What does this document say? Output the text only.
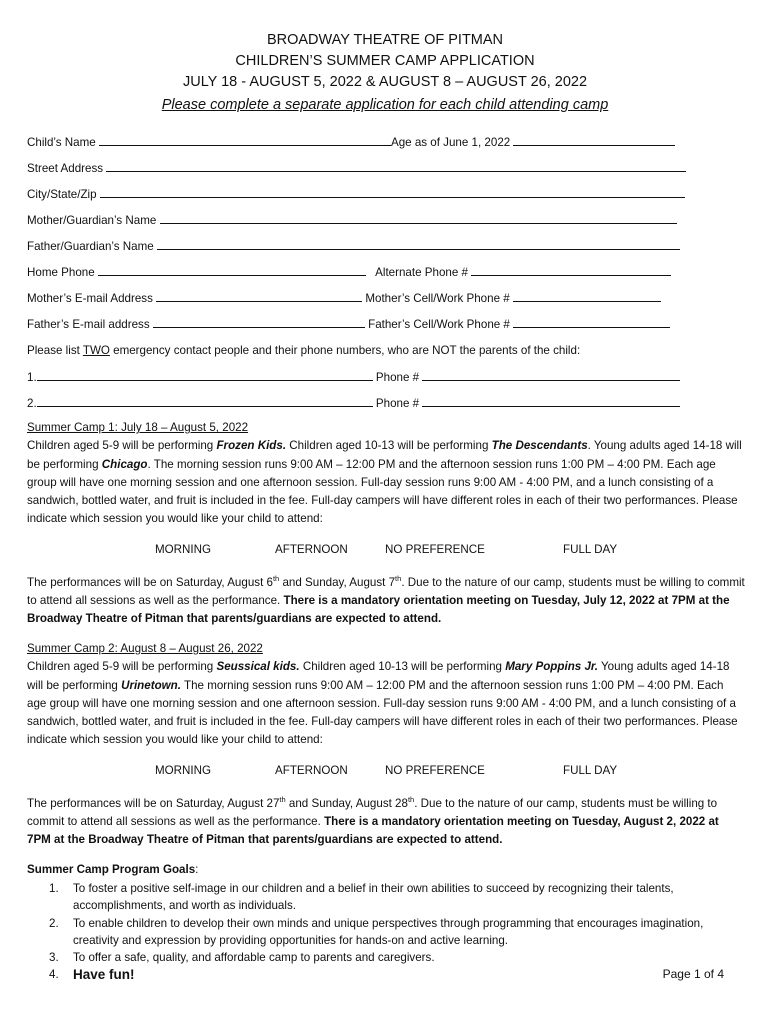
BROADWAY THEATRE OF PITMAN
CHILDREN’S SUMMER CAMP APPLICATION
JULY 18 - AUGUST 5, 2022 & AUGUST 8 – AUGUST 26, 2022
Please complete a separate application for each child attending camp
Child’s Name	Age as of June 1, 2022
Street Address
City/State/Zip
Mother/Guardian’s Name
Father/Guardian’s Name
Home Phone	Alternate Phone #
Mother’s E-mail Address	Mother’s Cell/Work Phone #
Father’s E-mail address	Father’s Cell/Work Phone #
Please list TWO emergency contact people and their phone numbers, who are NOT the parents of the child:
1.	Phone #
2.	Phone #

Summer Camp 1: July 18 – August 5, 2022

Children aged 5-9 will be performing Frozen Kids. Children aged 10-13 will be performing The Descendants. Young adults aged 14-18 will be performing Chicago. The morning session runs 9:00 AM – 12:00 PM and the afternoon session runs 1:00 PM – 4:00 PM. Each age group will have one morning session and one afternoon session. Full-day session runs 9:00 AM - 4:00 PM, and a lunch consisting of a sandwich, bottled water, and fruit is included in the fee. Full-day campers will have different roles in each of their two performances. Please indicate which session you would like your child to attend:

MORNING	AFTERNOON	NO PREFERENCE	FULL DAY

The performances will be on Saturday, August 6th and Sunday, August 7th. Due to the nature of our camp, students must be willing to commit to attend all sessions as well as the performance. There is a mandatory orientation meeting on Tuesday, July 12, 2022 at 7PM at the Broadway Theatre of Pitman that parents/guardians are expected to attend.

Summer Camp 2: August 8 – August 26, 2022

Children aged 5-9 will be performing Seussical kids. Children aged 10-13 will be performing Mary Poppins Jr. Young adults aged 14-18 will be performing Urinetown. The morning session runs 9:00 AM – 12:00 PM and the afternoon session runs 1:00 PM – 4:00 PM. Each age group will have one morning session and one afternoon session. Full-day session runs 9:00 AM - 4:00 PM, and a lunch consisting of a sandwich, bottled water, and fruit is included in the fee. Full-day campers will have different roles in each of their two performances. Please indicate which session you would like your child to attend:

MORNING	AFTERNOON	NO PREFERENCE	FULL DAY

The performances will be on Saturday, August 27th and Sunday, August 28th. Due to the nature of our camp, students must be willing to commit to attend all sessions as well as the performance. There is a mandatory orientation meeting on Tuesday, August 2, 2022 at 7PM at the Broadway Theatre of Pitman that parents/guardians are expected to attend.

Summer Camp Program Goals:

1. To foster a positive self-image in our children and a belief in their own abilities to succeed by recognizing their talents, accomplishments, and worth as individuals.
2. To enable children to develop their own minds and unique perspectives through programming that encourages imagination, creativity and expression by providing opportunities for hands-on and active learning.
3. To offer a safe, quality, and affordable camp to parents and caregivers.
4. Have fun!	Page 1 of 4
